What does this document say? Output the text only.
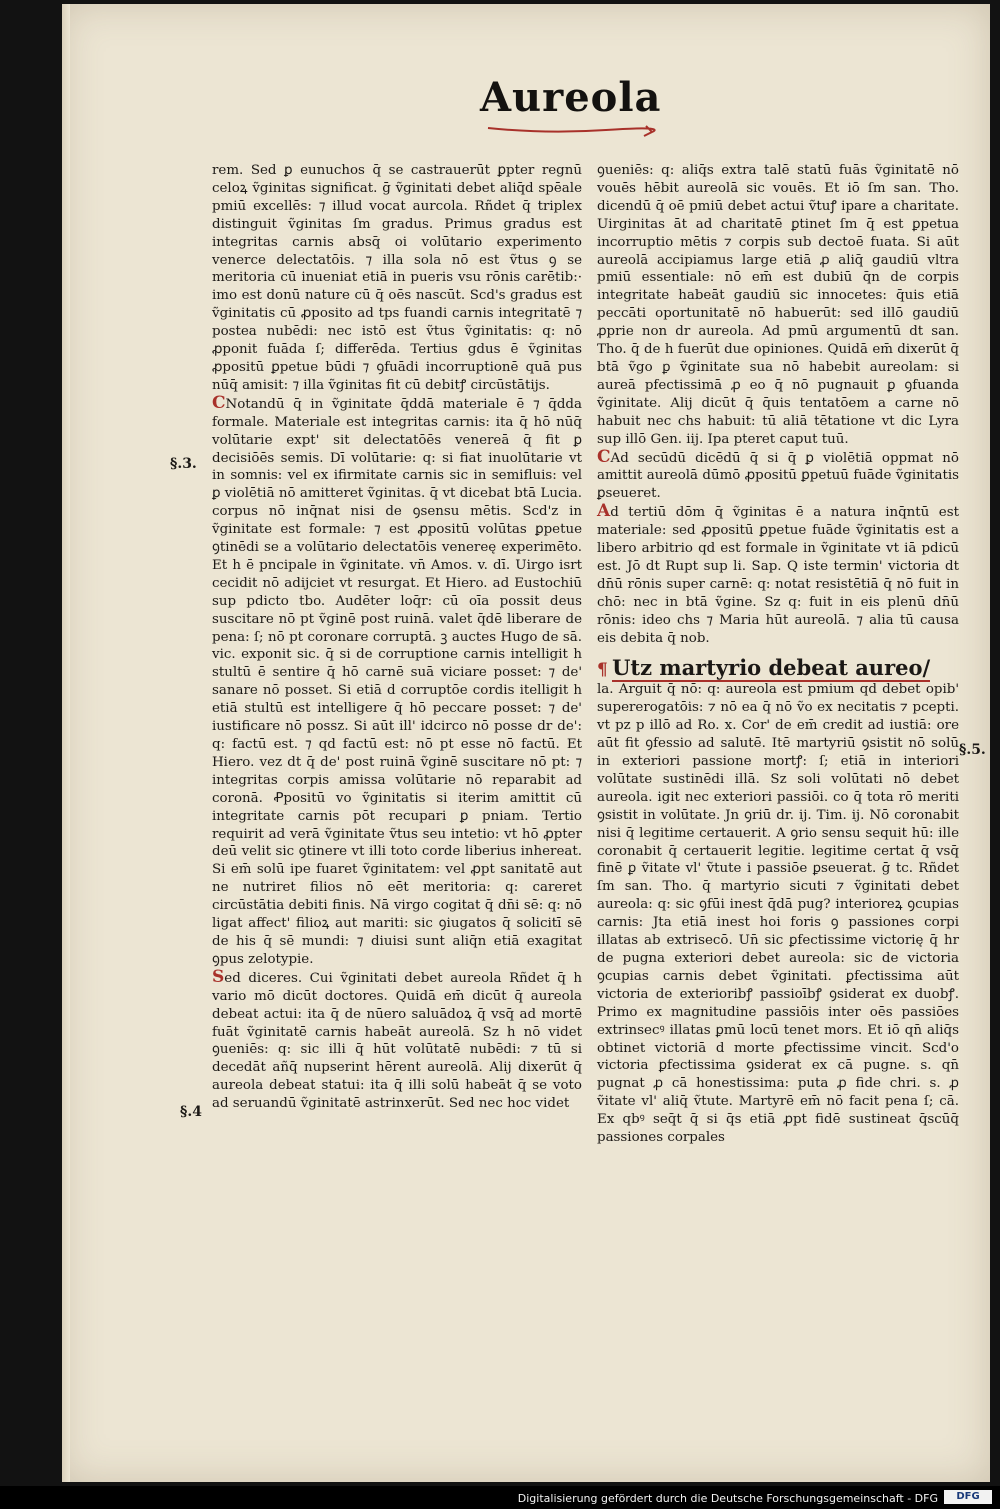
Aureola
§.3.
§.4
§.5.

rem. Sed ꝑ eunuchos q̄ se castrauerūt ꝑpter regnū celoꝝ ṽginitas significat. ḡ ṽginitati debet aliq̄d spēale pmiū excellēs: ⁊ illud vocat aurcola. Rñdet q̄ triplex distinguit ṽginitas ſm gradus. Primus gradus est integritas carnis absq̄ oi volūtario experimento venerce delectatōis. ⁊ illa sola nō est ṽtus ꝯ se meritoria cū inueniat etiā in pueris vsu rōnis carētib:· imo est donū nature cū q̄ oēs nascūt. Scd's gradus est ṽginitatis cū ꝓposito ad tps fuandi carnis integritatē ⁊ postea nubēdi: nec istō est ṽtus ṽginitatis: q: nō ꝓponit fuāda ſ; differēda. Tertius gdus ē ṽginitas ꝓpositū ꝑpetue būdi ⁊ ꝯfuādi incorruptionē quā pus nūq̄ amisit: ⁊ illa ṽginitas fit cū debitꝭ circūstātijs.

CNotandū q̄ in ṽginitate q̄ddā materiale ē ⁊ q̄dda formale. Materiale est integritas carnis: ita q̄ hō nūq̄ volūtarie expt' sit delectatōēs venereā q̄ fit ꝑ decisiōēs semis. Dī volūtarie: q: si fiat inuolūtarie vt in somnis: vel ex ifirmitate carnis sic in semifluis: vel ꝑ violētiā nō amitteret ṽginitas. q̄ vt dicebat btā Lucia. corpus nō inq̄nat nisi de ꝯsensu mētis. Scd'z in ṽginitate est formale: ⁊ est ꝓpositū volūtas ꝑpetue ꝯtinēdi se a volūtario delectatōis venereę experimēto. Et h ē pncipale in ṽginitate. vn̄ Amos. v. dī. Uirgo isrt cecidit nō adijciet vt resurgat. Et Hiero. ad Eustochiū sup pdicto tbo. Audēter loq̄r: cū oīa possit deus suscitare nō pt ṽginē post ruinā. valet q̄dē liberare de pena: ſ; nō pt coronare corruptā. ꝫ auctes Hugo de sā. vic. exponit sic. q̄ si de corruptione carnis intelligit h stultū ē sentire q̄ hō carnē suā viciare posset: ⁊ de' sanare nō posset. Si etiā d corruptōe cordis itelligit h etiā stultū est intelligere q̄ hō peccare posset: ⁊ de' iustificare nō possz. Si aūt ill' idcirco nō posse dr de': q: factū est. ⁊ qd factū est: nō pt esse nō factū. Et Hiero. vez dt q̄ de' post ruinā ṽginē suscitare nō pt: ⁊ integritas corpis amissa volūtarie nō reparabit ad coronā. Ꝓpositū vo ṽginitatis si iterim amittit cū integritate carnis pōt recupari ꝑ pniam. Tertio requirit ad verā ṽginitate ṽtus seu intetio: vt hō ꝓpter deū velit sic ꝯtinere vt illi toto corde liberius inhereat. Si em̄ solū ipe fuaret ṽginitatem: vel ꝓpt sanitatē aut ne nutriret filios nō eēt meritoria: q: careret circūstātia debiti finis. Nā virgo cogitat q̄ dn̄i sē: q: nō ligat affect' filioꝝ aut mariti: sic ꝯiugatos q̄ solicitī sē de his q̄ sē mundi: ⁊ diuisi sunt aliq̄n etiā exagitat ꝯpus zelotypie.

Sed diceres. Cui ṽginitati debet aureola Rñdet q̄ h vario mō dicūt doctores. Quidā em̄ dicūt q̄ aureola debeat actui: ita q̄ de nūero saluādoꝝ q̄ vsq̄ ad mortē fuāt ṽginitatē carnis habeāt aureolā. Sz h nō videt ꝯueniēs: q: sic illi q̄ hūt volūtatē nubēdi: ⁊ tū si decedāt añq̄ nupserint hērent aureolā. Alij dixerūt q̄ aureola debeat statui: ita q̄ illi solū habeāt q̄ se voto ad seruandū ṽginitatē astrinxerūt. Sed nec hoc videt

ꝯueniēs: q: aliq̄s extra talē statū fuās ṽginitatē nō vouēs hēbit aureolā sic vouēs. Et iō ſm san. Tho. dicendū q̄ oē pmiū debet actui ṽtuꝭ ipare a charitate. Uirginitas āt ad charitatē ꝑtinet ſm q̄ est ꝑpetua incorruptio mētis ⁊ corpis sub dectoē fuata. Si aūt aureolā accipiamus large etiā ꝓ aliq̄ gaudiū vltra pmiū essentiale: nō em̄ est dubiū q̄n de corpis integritate habeāt gaudiū sic innocetes: q̄uis etiā peccāti oportunitatē nō habuerūt: sed illō gaudiū ꝓprie non dr aureola. Ad pmū argumentū dt san. Tho. q̄ de h fuerūt due opiniones. Quidā em̄ dixerūt q̄ btā ṽgo ꝑ ṽginitate sua nō habebit aureolam: si aureā pfectissimā ꝓ eo q̄ nō pugnauit ꝑ ꝯfuanda ṽginitate. Alij dicūt q̄ q̄uis tentatōem a carne nō habuit nec chs habuit: tū aliā tētatione vt dic Lyra sup illō Gen. iij. Ipa pteret caput tuū.

CAd secūdū dicēdū q̄ si q̄ ꝑ violētiā oppmat nō amittit aureolā dūmō ꝓpositū ꝑpetuū fuāde ṽginitatis ꝑseueret.

Ad tertiū dōm q̄ ṽginitas ē a natura inq̄ntū est materiale: sed ꝓpositū ꝑpetue fuāde ṽginitatis est a libero arbitrio qd est formale in ṽginitate vt iā pdicū est. Jō dt Rupt sup li. Sap. Q iste termin' victoria dt dn̄ū rōnis super carnē: q: notat resistētiā q̄ nō fuit in chō: nec in btā ṽgine. Sz q: fuit in eis plenū dn̄ū rōnis: ideo chs ⁊ Maria hūt aureolā. ⁊ alia tū causa eis debita q̄ nob.

¶ Utz martyrio debeat aureo/

la. Arguit q̄ nō: q: aureola est pmium qd debet opib' supererogatōis: ⁊ nō ea q̄ nō ṽo ex necitatis ⁊ pcepti. vt pz p illō ad Ro. x. Cor' de em̄ credit ad iustiā: ore aūt fit ꝯfessio ad salutē. Itē martyriū ꝯsistit nō solū in exteriori passione mortꝭ: ſ; etiā in interiori volūtate sustinēdi illā. Sz soli volūtati nō debet aureola. igit nec exteriori passiōi. co q̄ tota rō meriti ꝯsistit in volūtate. Jn ꝯriū dr. ij. Tim. ij. Nō coronabit nisi q̄ legitime certauerit. A ꝯrio sensu sequit hū: ille coronabit q̄ certauerit legitie. legitime certat q̄ vsq̄ finē ꝑ ṽitate vl' ṽtute i passiōe ꝑseuerat. ḡ tc. Rñdet ſm san. Tho. q̄ martyrio sicuti ⁊ ṽginitati debet aureola: q: sic ꝯfūi inest q̄dā pug? interioreꝝ ꝯcupias carnis: Jta etiā inest hoi foris ꝯ passiones corpi illatas ab extrisecō. Un̄ sic ꝑfectissime victorię q̄ hr de pugna exteriori debet aureola: sic de victoria ꝯcupias carnis debet ṽginitati. ꝑfectissima aūt victoria de exterioribꝭ passioībꝭ ꝯsiderat ex duobꝭ. Primo ex magnitudine passiōis inter oēs passiōes extrinsecꝰ illatas ꝑmū locū tenet mors. Et iō qn̄ aliq̄s obtinet victoriā d morte ꝑfectissime vincit. Scd'o victoria ꝑfectissima ꝯsiderat ex cā pugne. s. qn̄ pugnat ꝓ cā honestissima: puta ꝓ fide chri. s. ꝓ ṽitate vl' aliq̄ ṽtute. Martyrē em̄ nō facit pena ſ; cā. Ex qbꝰ seq̄t q̄ si q̄s etiā ꝓpt fidē sustineat q̄scūq̄ passiones corpales

Digitalisierung gefördert durch die Deutsche Forschungsgemeinschaft - DFG	DFG
